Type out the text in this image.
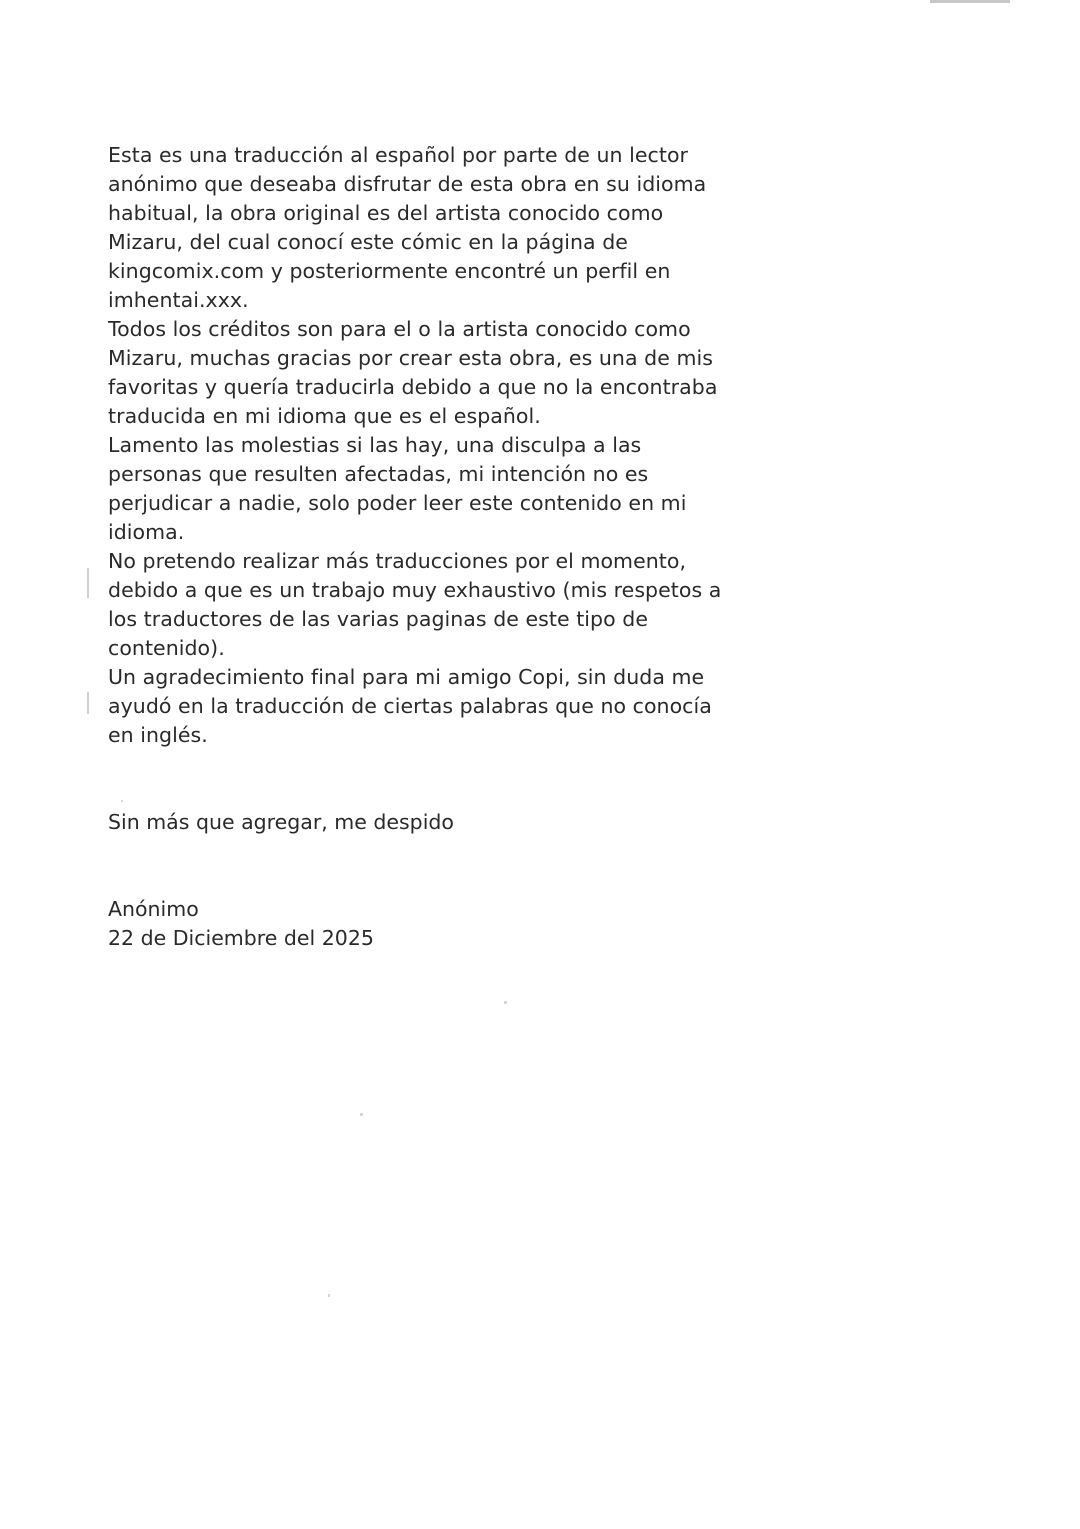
Esta es una traducción al español por parte de un lector
anónimo que deseaba disfrutar de esta obra en su idioma
habitual, la obra original es del artista conocido como
Mizaru, del cual conocí este cómic en la página de
kingcomix.com y posteriormente encontré un perfil en
imhentai.xxx.
Todos los créditos son para el o la artista conocido como
Mizaru, muchas gracias por crear esta obra, es una de mis
favoritas y quería traducirla debido a que no la encontraba
traducida en mi idioma que es el español.
Lamento las molestias si las hay, una disculpa a las
personas que resulten afectadas, mi intención no es
perjudicar a nadie, solo poder leer este contenido en mi
idioma.
No pretendo realizar más traducciones por el momento,
debido a que es un trabajo muy exhaustivo (mis respetos a
los traductores de las varias paginas de este tipo de
contenido).
Un agradecimiento final para mi amigo Copi, sin duda me
ayudó en la traducción de ciertas palabras que no conocía
en inglés.
Sin más que agregar, me despido
Anónimo
22 de Diciembre del 2025
